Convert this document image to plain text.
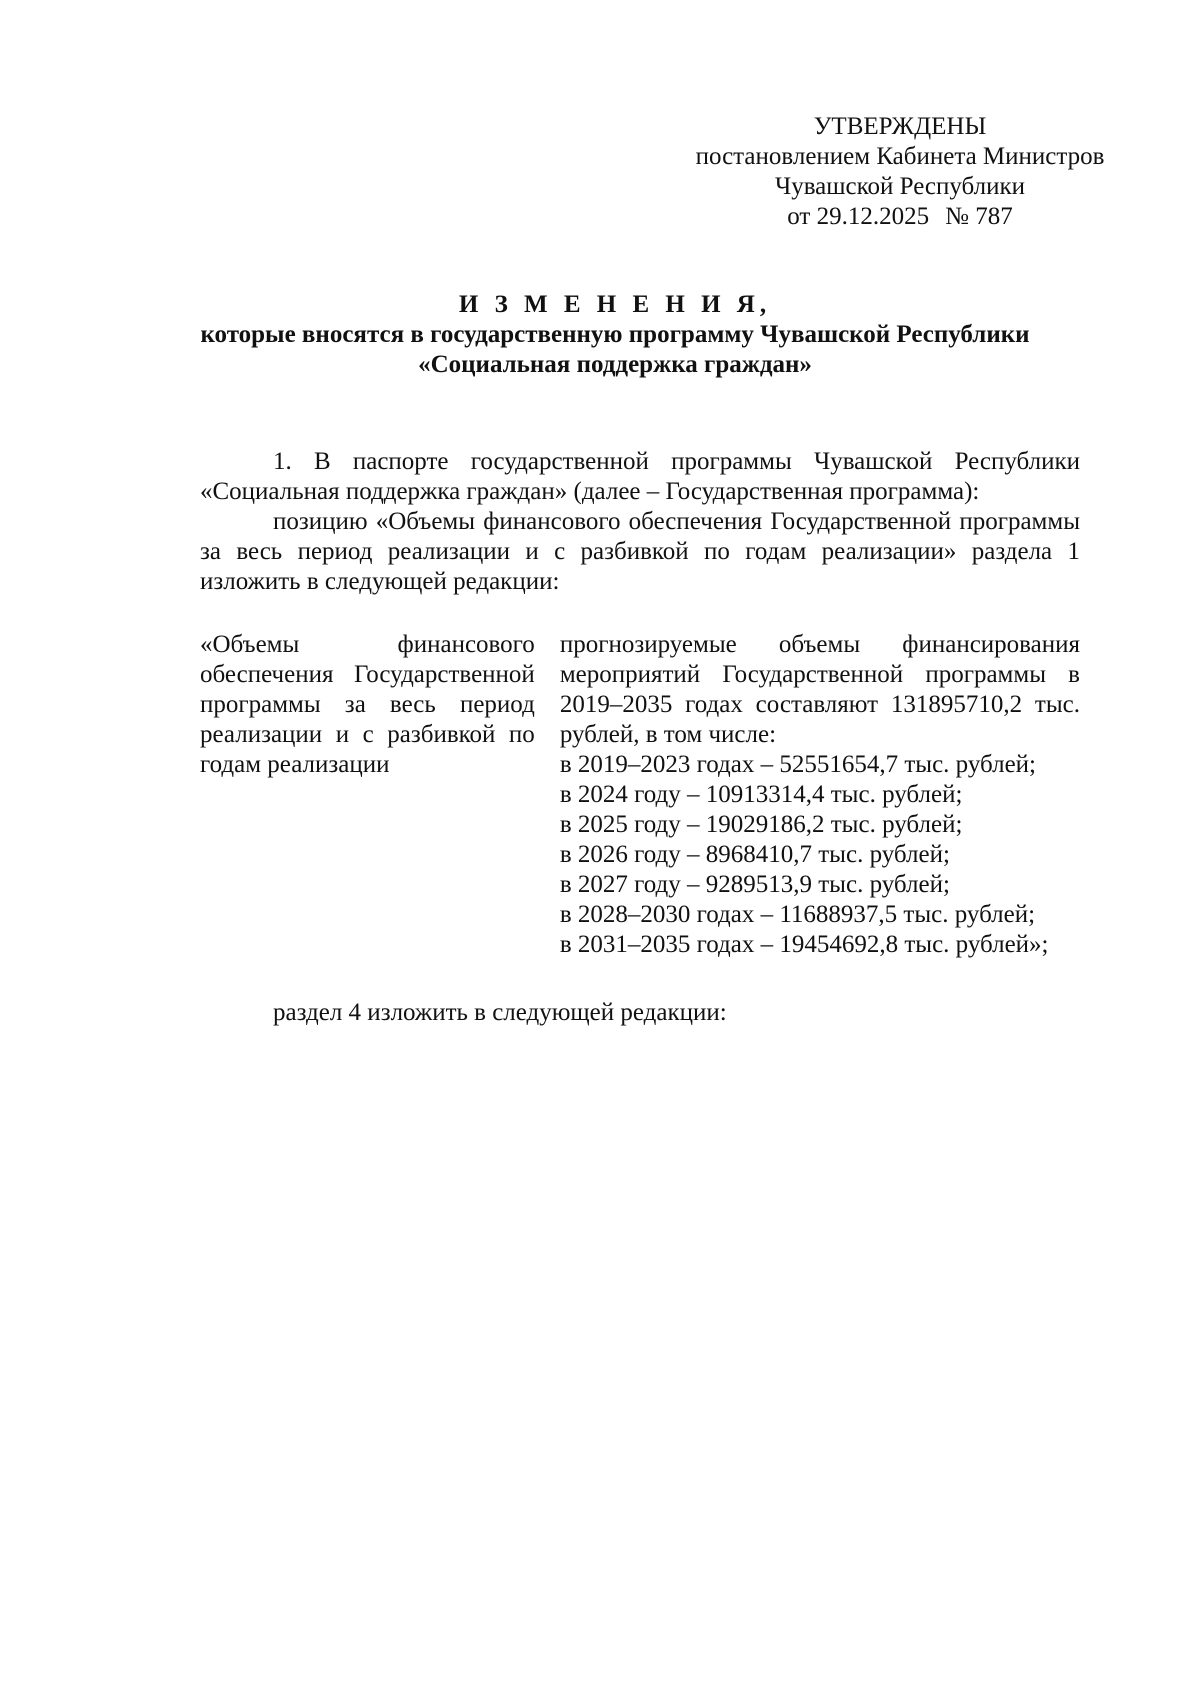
УТВЕРЖДЕНЫ
постановлением Кабинета Министров
Чувашской Республики
от 29.12.2025 № 787
И З М Е Н Е Н И Я,
которые вносятся в государственную программу Чувашской Республики
«Социальная поддержка граждан»

1. В паспорте государственной программы Чувашской Республики «Социальная поддержка граждан» (далее – Государственная программа):

позицию «Объемы финансового обеспечения Государственной программы за весь период реализации и с разбивкой по годам реализации» раздела 1 изложить в следующей редакции:

«Объемы финансового обеспечения Государственной программы за весь период реализации и с разбивкой по годам реализации
прогнозируемые объемы финансирования мероприятий Государственной программы в 2019–2035 годах составляют 131895710,2 тыс. рублей, в том числе:
в 2019–2023 годах – 52551654,7 тыс. рублей;
в 2024 году – 10913314,4 тыс. рублей;
в 2025 году – 19029186,2 тыс. рублей;
в 2026 году – 8968410,7 тыс. рублей;
в 2027 году – 9289513,9 тыс. рублей;
в 2028–2030 годах – 11688937,5 тыс. рублей;
в 2031–2035 годах – 19454692,8 тыс. рублей»;
раздел 4 изложить в следующей редакции:
